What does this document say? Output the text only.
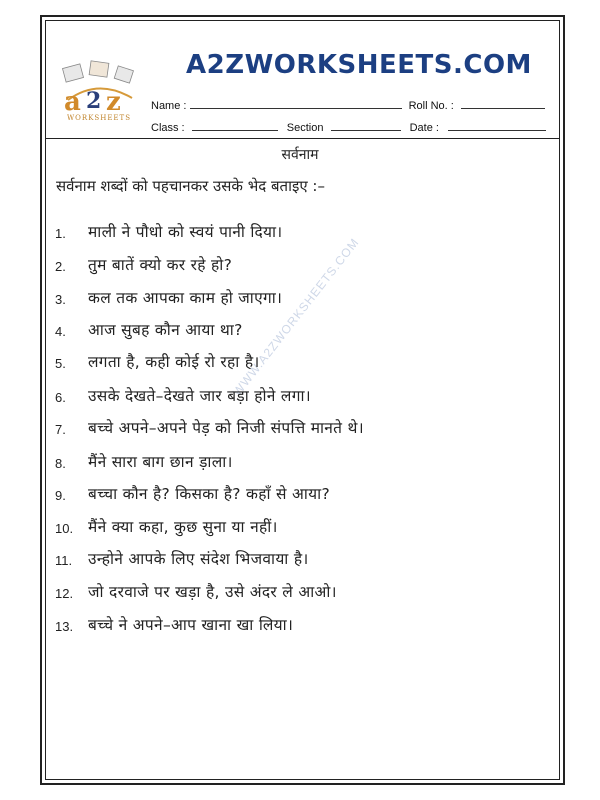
a 2 z
WORKSHEETS
A2ZWORKSHEETS.COM
Name :	Roll No. :
Class :	Section	Date :
सर्वनाम
सर्वनाम शब्दों को पहचानकर उसके भेद बताइए :–
WWW.A2ZWORKSHEETS.COM
1. माली ने पौधो को स्वयं पानी दिया।
2. तुम बातें क्यो कर रहे हो?
3. कल तक आपका काम हो जाएगा।
4. आज सुबह कौन आया था?
5. लगता है, कही कोई रो रहा है।
6. उसके देखते–देखते जार बड़ा होने लगा।
7. बच्चे अपने–अपने पेड़ को निजी संपत्ति मानते थे।
8. मैंने सारा बाग छान ड़ाला।
9. बच्चा कौन है? किसका है? कहाँ से आया?
10. मैंने क्या कहा, कुछ सुना या नहीं।
11. उन्होने आपके लिए संदेश भिजवाया है।
12. जो दरवाजे पर खड़ा है, उसे अंदर ले आओ।
13. बच्चे ने अपने–आप खाना खा लिया।
